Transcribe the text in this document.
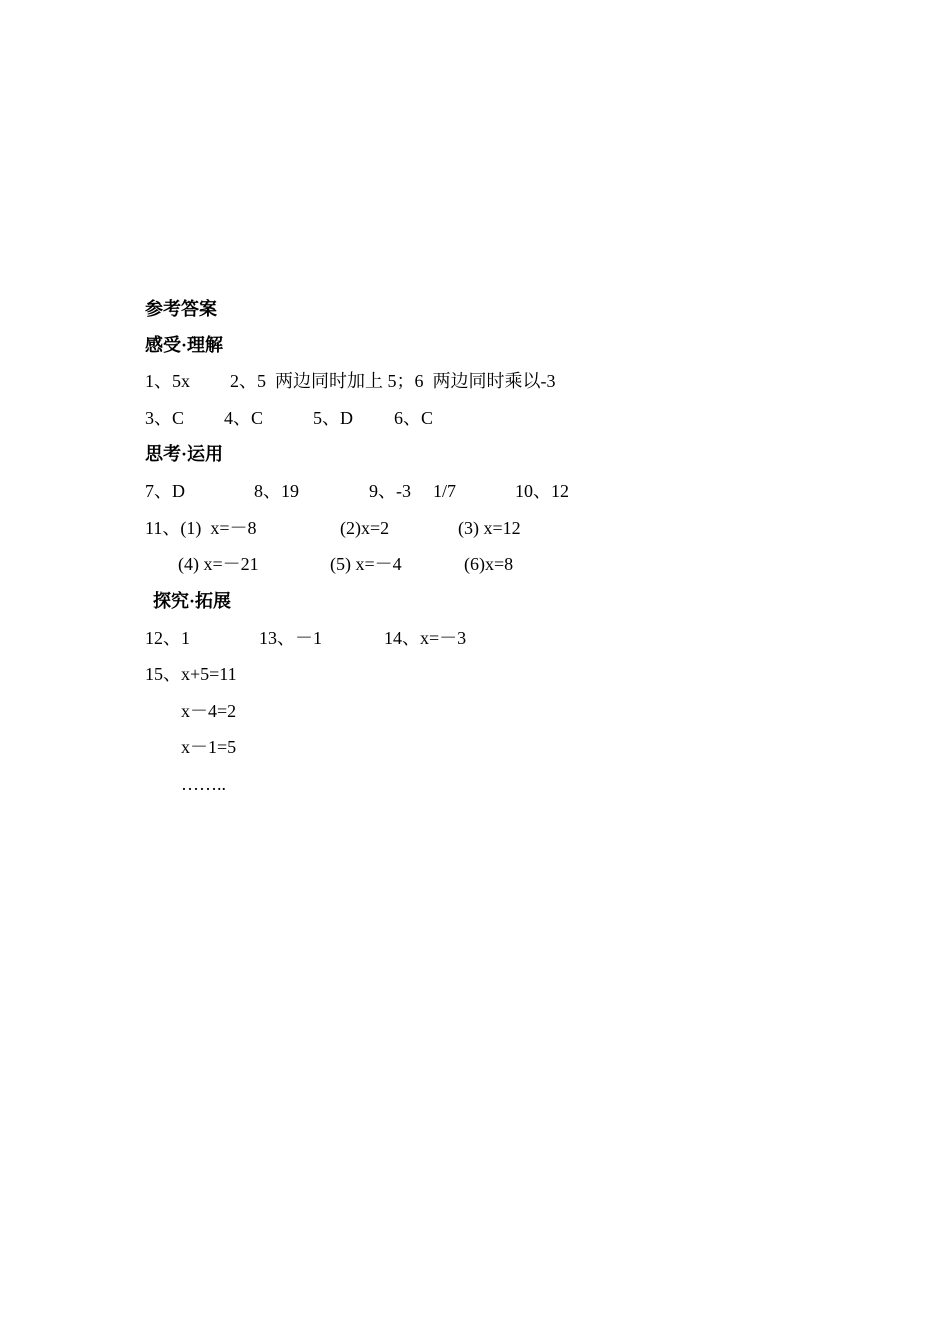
参考答案
感受·理解

1、5x

2、5  两边同时加上 5；6  两边同时乘以-3

3、C

4、C

	5、D

6、C

思考·运用

7、D

	8、19

	9、-3

1/7

	10、12

11、(1)  x=－8

	(2)x=2

	(3) x=12

(4) x=－21

	(5) x=－4

	(6)x=8

探究·拓展

12、1

	13、－1

	14、x=－3

15、x+5=11

x－4=2

x－1=5

……..
